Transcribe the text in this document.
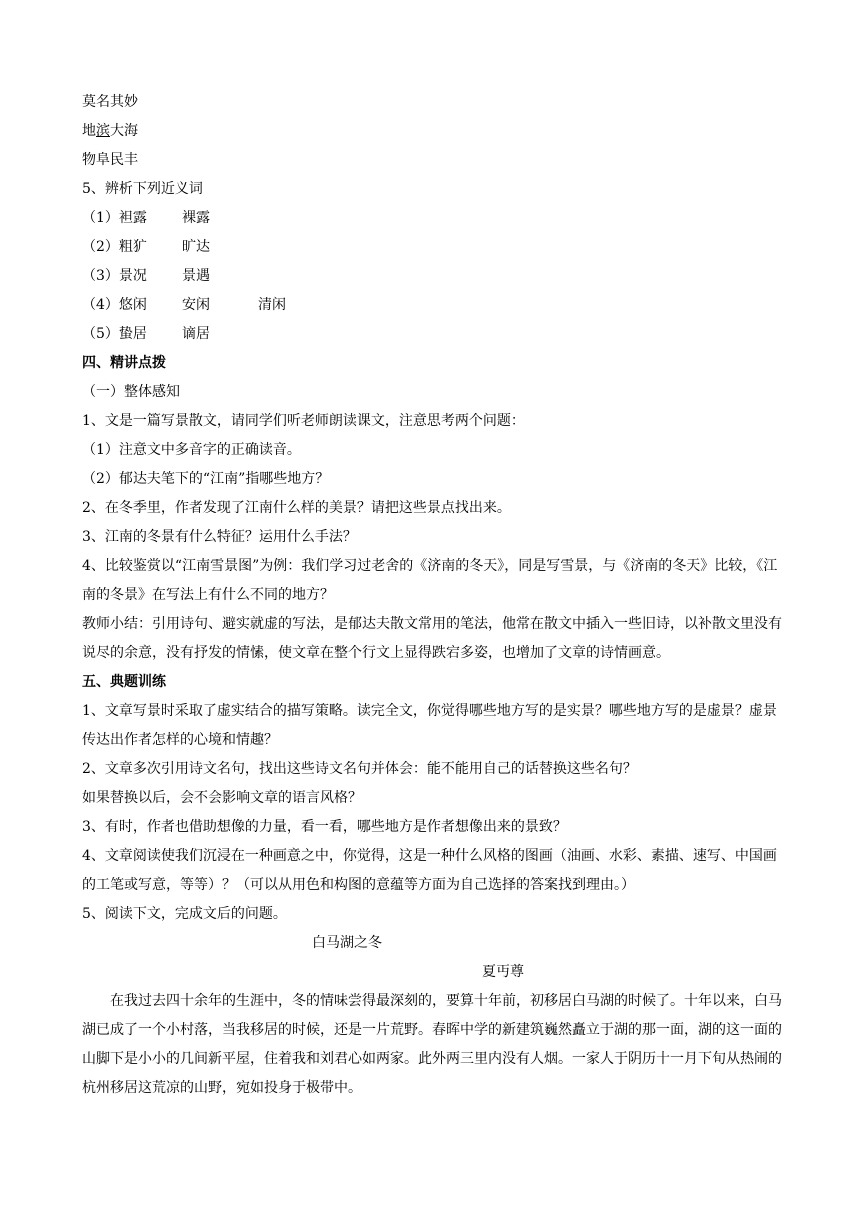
莫名其妙
地滨大海
物阜民丰
5、辨析下列近义词
（1）袒露	裸露
（2）粗犷	旷达
（3）景况	景遇
（4）悠闲	安闲	清闲
（5）蛰居	谪居
四、精讲点拨
（一）整体感知
1、文是一篇写景散文，请同学们听老师朗读课文，注意思考两个问题：
（1）注意文中多音字的正确读音。
（2）郁达夫笔下的“江南”指哪些地方？
2、在冬季里，作者发现了江南什么样的美景？请把这些景点找出来。
3、江南的冬景有什么特征？运用什么手法？
4、比较鉴赏以“江南雪景图”为例：我们学习过老舍的《济南的冬天》，同是写雪景，与《济南的冬天》比较，《江南的冬景》在写法上有什么不同的地方？
教师小结：引用诗句、避实就虚的写法，是郁达夫散文常用的笔法，他常在散文中插入一些旧诗，以补散文里没有说尽的余意，没有抒发的情愫，使文章在整个行文上显得跌宕多姿，也增加了文章的诗情画意。
五、典题训练
1、文章写景时采取了虚实结合的描写策略。读完全文，你觉得哪些地方写的是实景？哪些地方写的是虚景？虚景传达出作者怎样的心境和情趣？
2、文章多次引用诗文名句，找出这些诗文名句并体会：能不能用自己的话替换这些名句？
如果替换以后，会不会影响文章的语言风格？
3、有时，作者也借助想像的力量，看一看，哪些地方是作者想像出来的景致？
4、文章阅读使我们沉浸在一种画意之中，你觉得，这是一种什么风格的图画（油画、水彩、素描、速写、中国画的工笔或写意，等等）？（可以从用色和构图的意蕴等方面为自己选择的答案找到理由。）
5、阅读下文，完成文后的问题。
白马湖之冬
夏丏尊
在我过去四十余年的生涯中，冬的情味尝得最深刻的，要算十年前，初移居白马湖的时候了。十年以来，白马湖已成了一个小村落，当我移居的时候，还是一片荒野。春晖中学的新建筑巍然矗立于湖的那一面，湖的这一面的山脚下是小小的几间新平屋，住着我和刘君心如两家。此外两三里内没有人烟。一家人于阴历十一月下旬从热闹的杭州移居这荒凉的山野，宛如投身于极带中。
